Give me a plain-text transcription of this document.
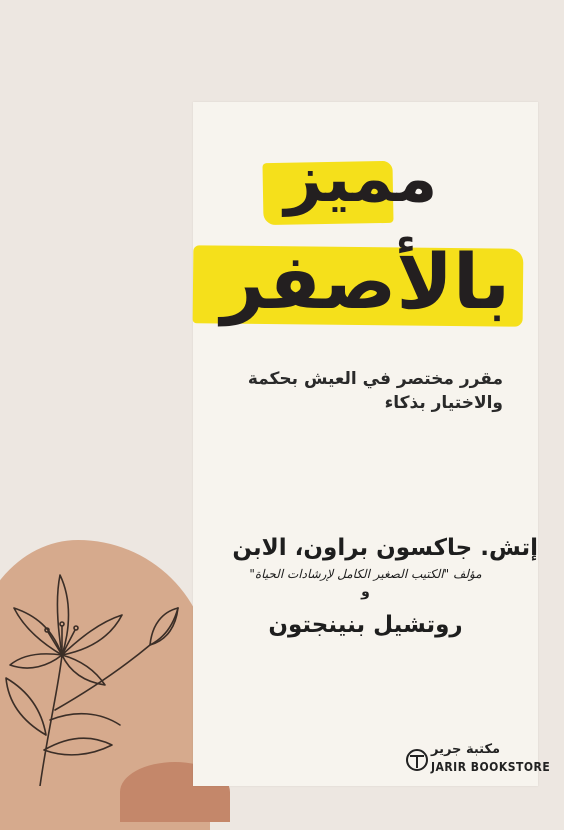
مميز
بالأصفر
مقرر مختصر في العيش بحكمة
والاختيار بذكاء
إتش. جاكسون براون، الابن
مؤلف "الكتيب الصغير الكامل لإرشادات الحياة"
و
روتشيل بنينجتون
مكتبة جرير
JARIR BOOKSTORE
